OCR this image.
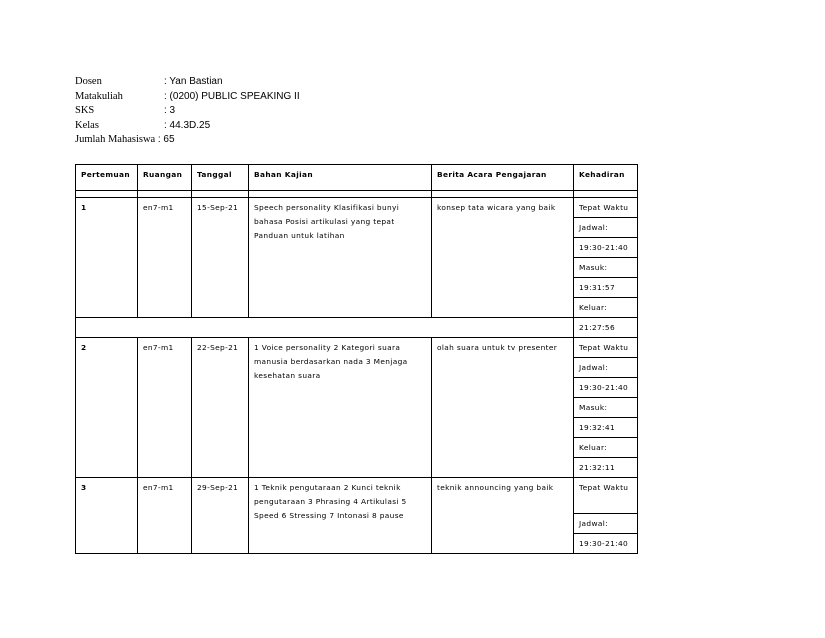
Dosen	: Yan Bastian
Matakuliah	: (0200) PUBLIC SPEAKING II
SKS	: 3
Kelas	: 44.3D.25
Jumlah Mahasiswa : 65
Pertemuan	Ruangan	Tanggal	Bahan Kajian	Berita Acara Pengajaran	Kehadiran

1	en7-m1	15-Sep-21	Speech personality Klasifikasi bunyi bahasa Posisi artikulasi yang tepat Panduan untuk latihan	konsep tata wicara yang baik	Tepat Waktu
					Jadwal:
					19:30-21:40
					Masuk:
					19:31:57
					Keluar:
					21:27:56
2	en7-m1	22-Sep-21	1 Voice personality 2 Kategori suara manusia berdasarkan nada 3 Menjaga kesehatan suara	olah suara untuk tv presenter	Tepat Waktu
					Jadwal:
					19:30-21:40
					Masuk:
					19:32:41
					Keluar:
					21:32:11
3	en7-m1	29-Sep-21	1 Teknik pengutaraan 2 Kunci teknik pengutaraan 3 Phrasing 4 Artikulasi 5 Speed 6 Stressing 7 Intonasi 8 pause	teknik announcing yang baik	Tepat Waktu
					Jadwal:
					19:30-21:40
